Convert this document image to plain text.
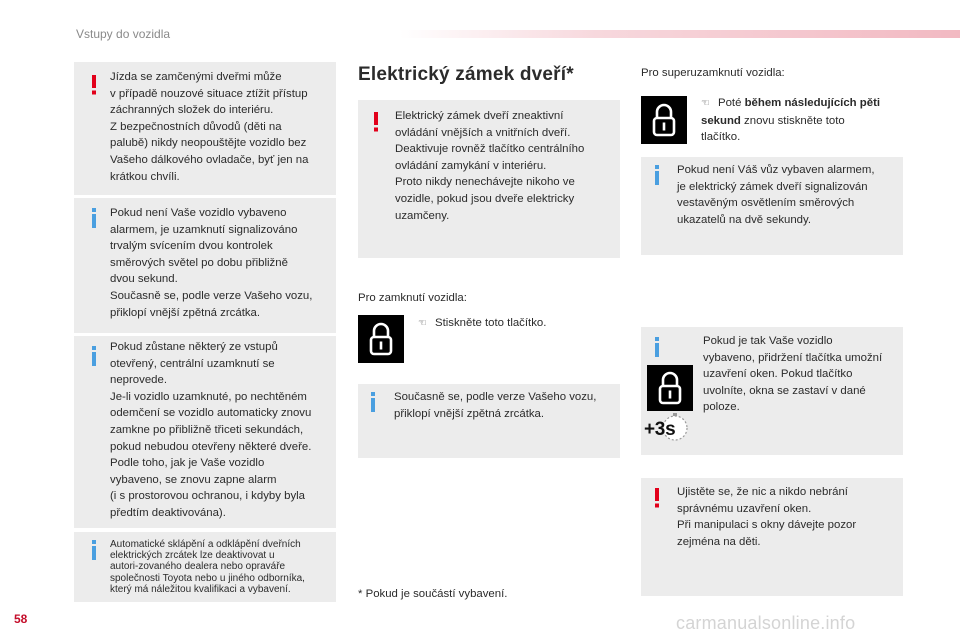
Vstupy do vozidla
Jízda se zamčenými dveřmi může
v případě nouzové situace ztížit přístup
záchranných složek do interiéru.
Z bezpečnostních důvodů (děti na
palubě) nikdy neopouštějte vozidlo bez
Vašeho dálkového ovladače, byť jen na
krátkou chvíli.
Pokud není Vaše vozidlo vybaveno
alarmem, je uzamknutí signalizováno
trvalým svícením dvou kontrolek
směrových světel po dobu přibližně
dvou sekund.
Současně se, podle verze Vašeho vozu,
přiklopí vnější zpětná zrcátka.
Pokud zůstane některý ze vstupů
otevřený, centrální uzamknutí se
neprovede.
Je-li vozidlo uzamknuté, po nechtěném
odemčení se vozidlo automaticky znovu
zamkne po přibližně třiceti sekundách,
pokud nebudou otevřeny některé dveře.
Podle toho, jak je Vaše vozidlo
vybaveno, se znovu zapne alarm
(i s prostorovou ochranou, i kdyby byla
předtím deaktivována).
Automatické sklápění a odklápění dveřních
elektrických zrcátek lze deaktivovat u
autori-zovaného dealera nebo opravářе
společnosti Toyota nebo u jiného odborníka,
který má náležitou kvalifikaci a vybavení.
Elektrický zámek dveří*
Elektrický zámek dveří zneaktivní
ovládání vnějších a vnitřních dveří.
Deaktivuje rovněž tlačítko centrálního
ovládání zamykání v interiéru.
Proto nikdy nenechávejte nikoho ve
vozidle, pokud jsou dveře elektricky
uzamčeny.
Pro zamknutí vozidla:
☜ Stiskněte toto tlačítko.
Současně se, podle verze Vašeho vozu,
přiklopí vnější zpětná zrcátka.
* Pokud je součástí vybavení.
Pro superuzamknutí vozidla:
☜ Poté během následujících pěti sekund znovu stiskněte toto
tlačítko.
Pokud není Váš vůz vybaven alarmem,
je elektrický zámek dveří signalizován
vestavěným osvětlením směrových
ukazatelů na dvě sekundy.
+3s
Pokud je tak Vaše vozidlo
vybaveno, přidržení tlačítka umožní
uzavření oken. Pokud tlačítko
uvolníte, okna se zastaví v dané
poloze.
Ujistěte se, že nic a nikdo nebrání
správnému uzavření oken.
Při manipulaci s okny dávejte pozor
zejména na děti.
58	carmanualsonline.info
